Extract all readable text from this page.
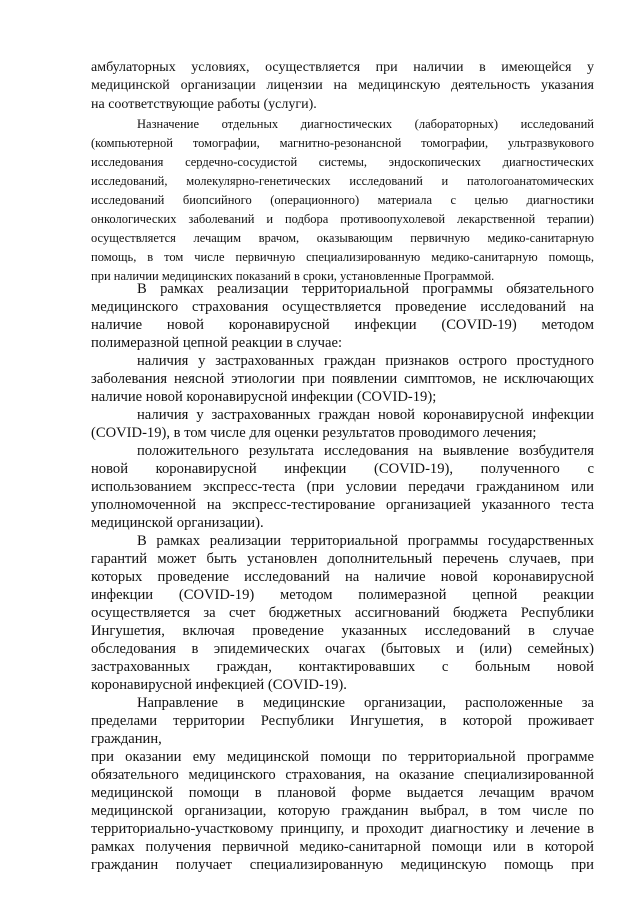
амбулаторных условиях, осуществляется при наличии в имеющейся у
медицинской организации лицензии на медицинскую деятельность указания
на соответствующие работы (услуги).
Назначение отдельных диагностических (лабораторных) исследований
(компьютерной томографии, магнитно-резонансной томографии, ультразвукового
исследования сердечно-сосудистой системы, эндоскопических диагностических
исследований, молекулярно-генетических исследований и патологоанатомических
исследований биопсийного (операционного) материала с целью диагностики
онкологических заболеваний и подбора противоопухолевой лекарственной терапии)
осуществляется лечащим врачом, оказывающим первичную медико-санитарную
помощь, в том числе первичную специализированную медико-санитарную помощь,
при наличии медицинских показаний в сроки, установленные Программой.
В рамках реализации территориальной программы обязательного
медицинского страхования осуществляется проведение исследований на
наличие новой коронавирусной инфекции (COVID-19) методом
полимеразной цепной реакции в случае:
наличия у застрахованных граждан признаков острого простудного
заболевания неясной этиологии при появлении симптомов, не исключающих
наличие новой коронавирусной инфекции (COVID-19);
наличия у застрахованных граждан новой коронавирусной инфекции
(COVID-19), в том числе для оценки результатов проводимого лечения;
положительного результата исследования на выявление возбудителя
новой коронавирусной инфекции (COVID-19), полученного с
использованием экспресс-теста (при условии передачи гражданином или
уполномоченной на экспресс-тестирование организацией указанного теста
медицинской организации).
В рамках реализации территориальной программы государственных
гарантий может быть установлен дополнительный перечень случаев, при
которых проведение исследований на наличие новой коронавирусной
инфекции (COVID-19) методом полимеразной цепной реакции
осуществляется за счет бюджетных ассигнований бюджета Республики
Ингушетия, включая проведение указанных исследований в случае
обследования в эпидемических очагах (бытовых и (или) семейных)
застрахованных граждан, контактировавших с больным новой
коронавирусной инфекцией (COVID-19).
Направление в медицинские организации, расположенные за
пределами территории Республики Ингушетия, в которой проживает
гражданин,
при оказании ему медицинской помощи по территориальной программе
обязательного медицинского страхования, на оказание специализированной
медицинской помощи в плановой форме выдается лечащим врачом
медицинской организации, которую гражданин выбрал, в том числе по
территориально-участковому принципу, и проходит диагностику и лечение в
рамках получения первичной медико-санитарной помощи или в которой
гражданин получает специализированную медицинскую помощь при
